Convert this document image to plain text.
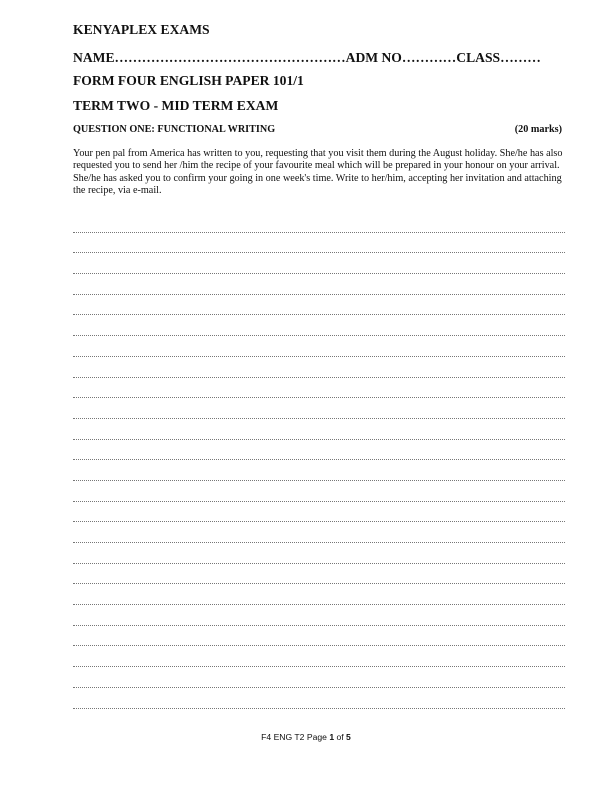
KENYAPLEX EXAMS
NAME……………………………………………ADM NO…………CLASS………
FORM FOUR ENGLISH PAPER 101/1
TERM TWO - MID TERM EXAM
QUESTION ONE: FUNCTIONAL WRITING	(20 marks)
Your pen pal from America has written to you, requesting that you visit them during the August holiday. She/he has also requested you to send her /him the recipe of your favourite meal which will be prepared in your honour on your arrival. She/he has asked you to confirm your going in one week's time. Write to her/him, accepting her invitation and attaching the recipe, via e-mail.
F4 ENG T2 Page 1 of 5
